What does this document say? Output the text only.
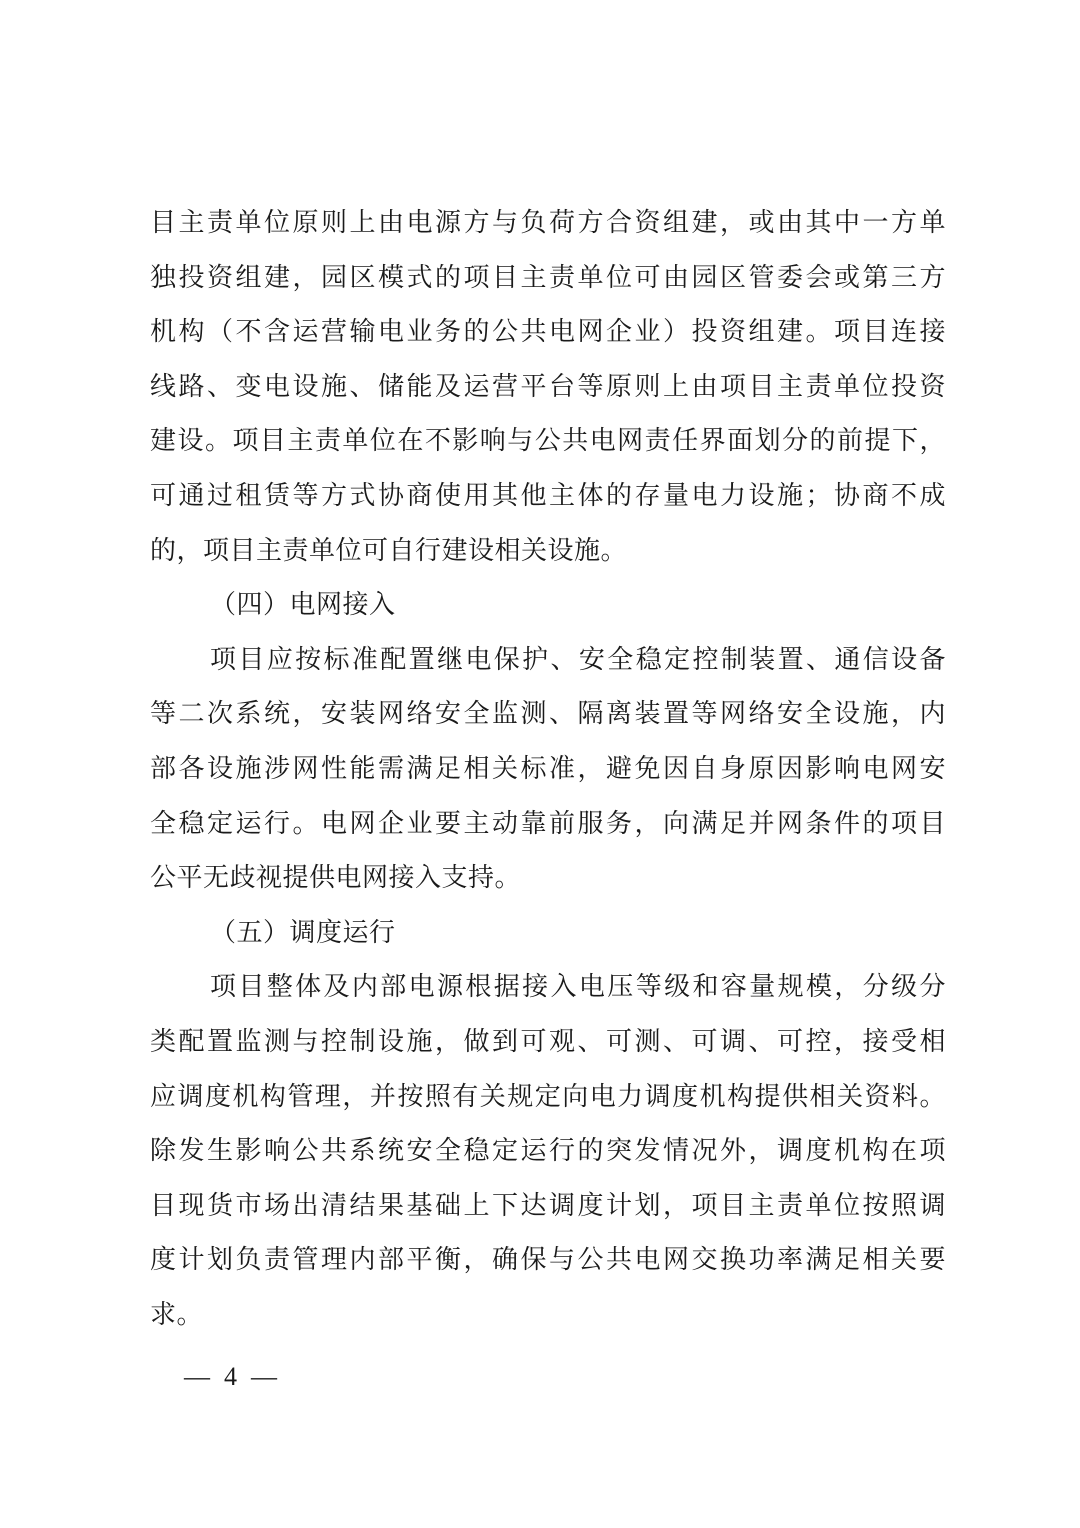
目主责单位原则上由电源方与负荷方合资组建，或由其中一方单
独投资组建，园区模式的项目主责单位可由园区管委会或第三方
机构（不含运营输电业务的公共电网企业）投资组建。项目连接
线路、变电设施、储能及运营平台等原则上由项目主责单位投资
建设。项目主责单位在不影响与公共电网责任界面划分的前提下，
可通过租赁等方式协商使用其他主体的存量电力设施；协商不成
的，项目主责单位可自行建设相关设施。
（四）电网接入
项目应按标准配置继电保护、安全稳定控制装置、通信设备
等二次系统，安装网络安全监测、隔离装置等网络安全设施，内
部各设施涉网性能需满足相关标准，避免因自身原因影响电网安
全稳定运行。电网企业要主动靠前服务，向满足并网条件的项目
公平无歧视提供电网接入支持。
（五）调度运行
项目整体及内部电源根据接入电压等级和容量规模，分级分
类配置监测与控制设施，做到可观、可测、可调、可控，接受相
应调度机构管理，并按照有关规定向电力调度机构提供相关资料。
除发生影响公共系统安全稳定运行的突发情况外，调度机构在项
目现货市场出清结果基础上下达调度计划，项目主责单位按照调
度计划负责管理内部平衡，确保与公共电网交换功率满足相关要
求。
— 4 —
